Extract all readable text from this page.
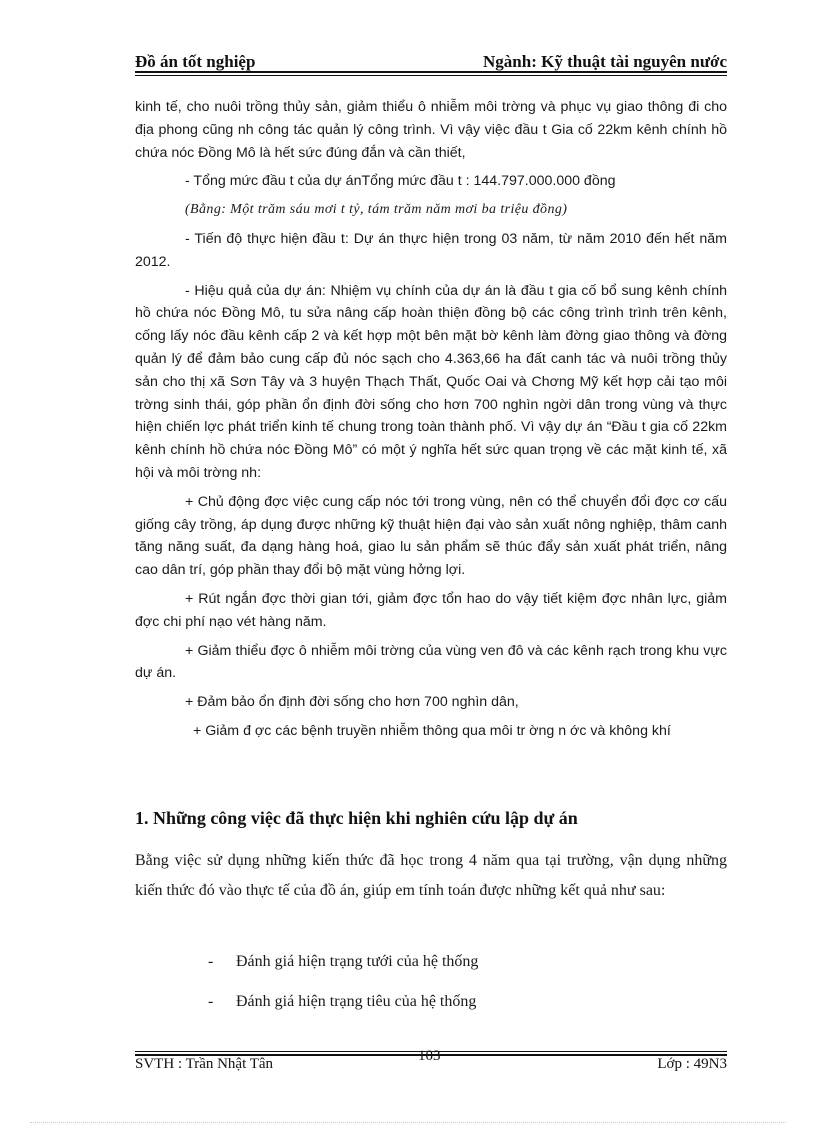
Đồ án tốt nghiệp	Ngành: Kỹ thuật tài nguyên nước

kinh tế, cho nuôi trồng thủy sản, giảm thiểu ô nhiễm môi trờng và phục vụ giao thông đi cho địa phong cũng nh công tác quản lý công trình. Vì vậy việc đầu t Gia cố 22km kênh chính hồ chứa nóc Đồng Mô là hết sức đúng đắn và cần thiết,

- Tổng mức đầu t của dự ánTổng mức đầu t : 144.797.000.000 đồng

(Bằng: Một trăm sáu mơi t tỷ, tám trăm năm mơi ba triệu đồng)

- Tiến độ thực hiện đầu t: Dự án thực hiện trong 03 năm, từ năm 2010 đến hết năm 2012.

- Hiệu quả của dự án: Nhiệm vụ chính của dự án là đầu t gia cố bổ sung kênh chính hồ chứa nóc Đồng Mô, tu sửa nâng cấp hoàn thiện đồng bộ các công trình trình trên kênh, cống lấy nóc đầu kênh cấp 2 và kết hợp một bên mặt bờ kênh làm đờng giao thông và đờng quản lý để đảm bảo cung cấp đủ nóc sạch cho 4.363,66 ha đất canh tác và nuôi trồng thủy sản cho thị xã Sơn Tây và 3 huyện Thạch Thất, Quốc Oai và Chơng Mỹ kết hợp cải tạo môi trờng sinh thái, góp phần ổn định đời sống cho hơn 700 nghìn ngời dân trong vùng và thực hiện chiến lợc phát triển kinh tế chung trong toàn thành phố. Vì vậy dự án “Đầu t gia cố 22km kênh chính hồ chứa nóc Đồng Mô” có một ý nghĩa hết sức quan trọng về các mặt kinh tế, xã hội và môi trờng nh:

+ Chủ động đợc việc cung cấp nóc tới trong vùng, nên có thể chuyển đổi đợc cơ cấu giống cây trồng, áp dụng được những kỹ thuật hiện đại vào sản xuất nông nghiệp, thâm canh tăng năng suất, đa dạng hàng hoá, giao lu sản phẩm sẽ thúc đẩy sản xuất phát triển, nâng cao dân trí, góp phần thay đổi bộ mặt vùng hởng lợi.

+ Rút ngắn đợc thời gian tới, giảm đợc tổn hao do vậy tiết kiệm đợc nhân lực, giảm đợc chi phí nạo vét hàng năm.

+ Giảm thiểu đợc ô nhiễm môi trờng của vùng ven đô và các kênh rạch trong khu vực dự án.

+ Đảm bảo ổn định đời sống cho hơn 700 nghìn dân,

+ Giảm đ ợc các bệnh truyền nhiễm thông qua môi tr ờng n ớc và không khí

1. Những công việc đã thực hiện khi nghiên cứu lập dự án

Bằng việc sử dụng những kiến thức đã học trong 4 năm qua tại trường, vận dụng những kiến thức đó vào thực tế của đồ án, giúp em tính toán được những kết quả như sau:

-	Đánh giá hiện trạng tưới của hệ thống
-	Đánh giá hiện trạng tiêu của hệ thống
SVTH : Trần Nhật Tân	103	Lớp : 49N3
